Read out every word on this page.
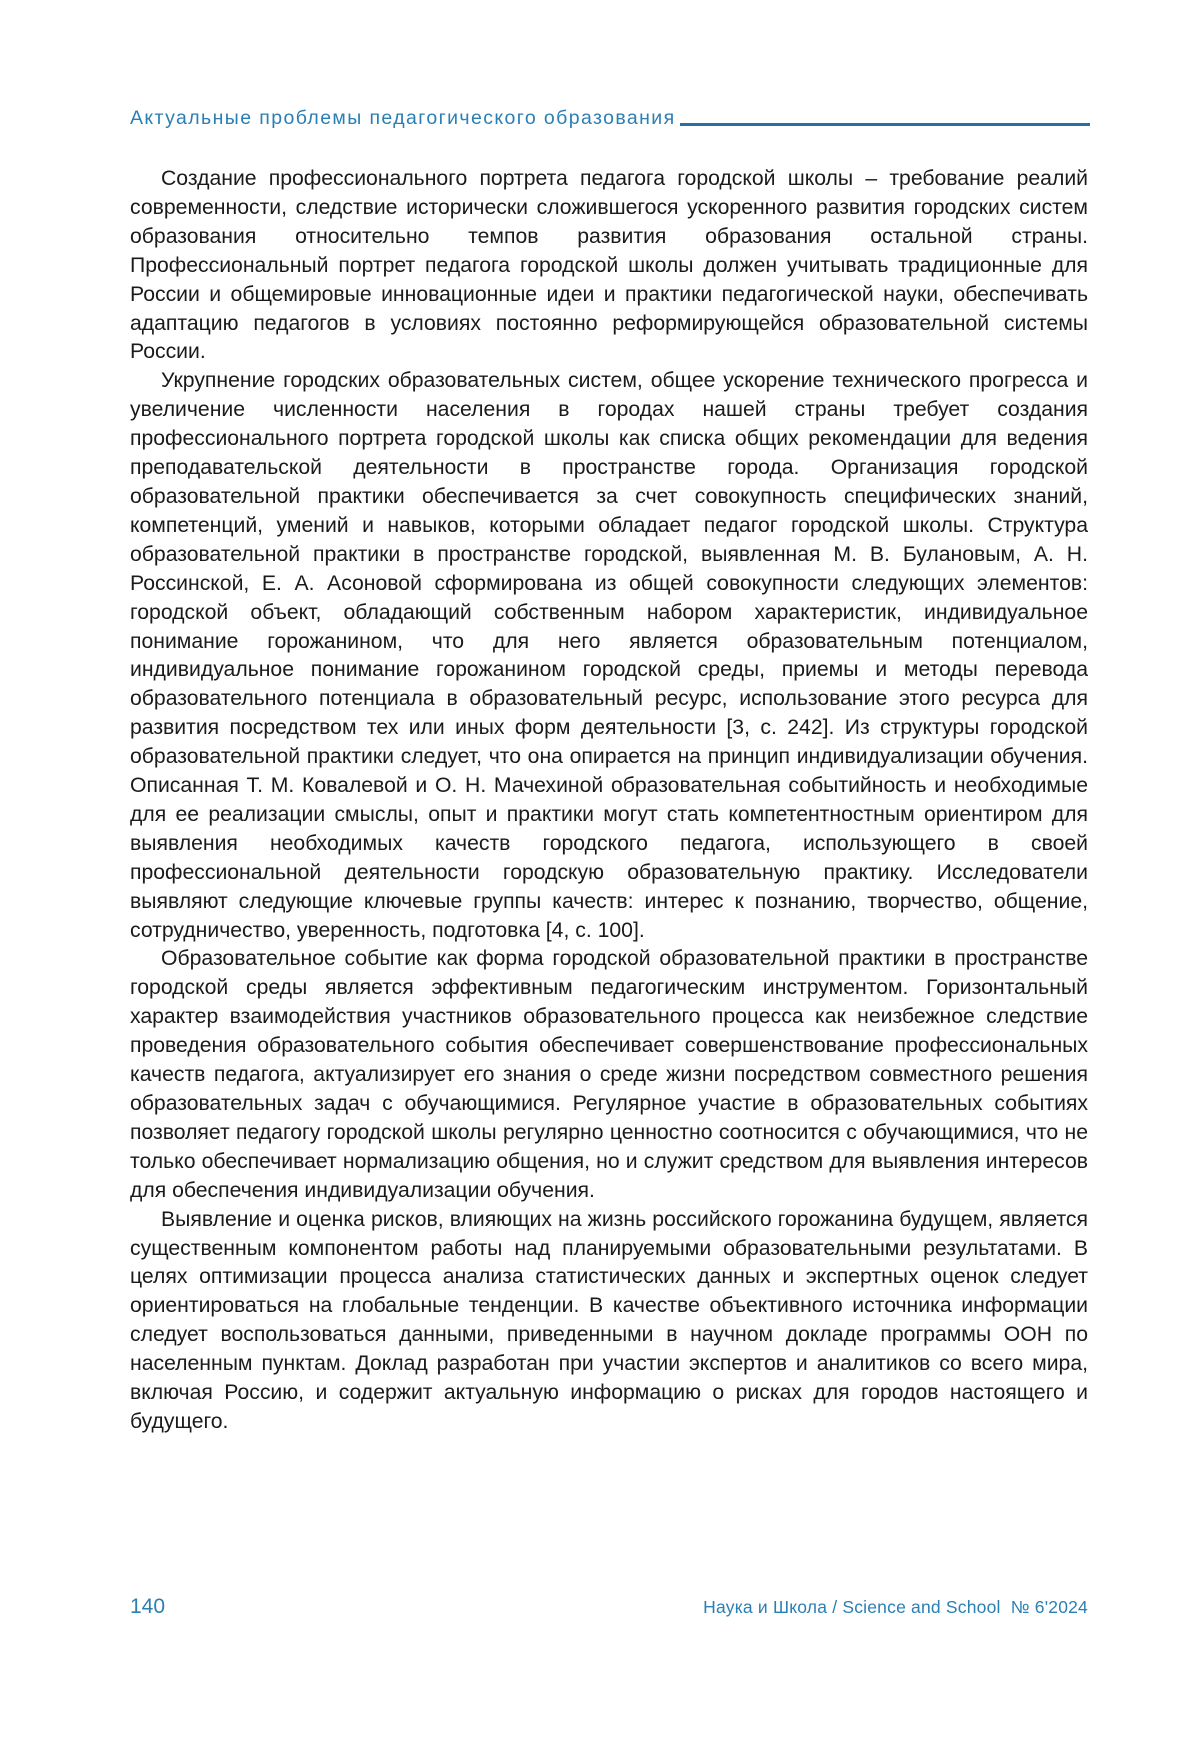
Актуальные проблемы педагогического образования

Создание профессионального портрета педагога городской школы – требование реалий современности, следствие исторически сложившегося ускоренного развития городских систем образования относительно темпов развития образования остальной страны. Профессиональный портрет педагога городской школы должен учитывать традиционные для России и общемировые инновационные идеи и практики педагогической науки, обеспечивать адаптацию педагогов в условиях постоянно реформирующейся образовательной системы России.

Укрупнение городских образовательных систем, общее ускорение технического прогресса и увеличение численности населения в городах нашей страны требует создания профессионального портрета городской школы как списка общих рекомендации для ведения преподавательской деятельности в пространстве города. Организация городской образовательной практики обеспечивается за счет совокупность специфических знаний, компетенций, умений и навыков, которыми обладает педагог городской школы. Структура образовательной практики в пространстве городской, выявленная М. В. Булановым, А. Н. Россинской, Е. А. Асоновой сформирована из общей совокупности следующих элементов: городской объект, обладающий собственным набором характеристик, индивидуальное понимание горожанином, что для него является образовательным потенциалом, индивидуальное понимание горожанином городской среды, приемы и методы перевода образовательного потенциала в образовательный ресурс, использование этого ресурса для развития посредством тех или иных форм деятельности [3, с. 242]. Из структуры городской образовательной практики следует, что она опирается на принцип индивидуализации обучения. Описанная Т. М. Ковалевой и О. Н. Мачехиной образовательная событийность и необходимые для ее реализации смыслы, опыт и практики могут стать компетентностным ориентиром для выявления необходимых качеств городского педагога, использующего в своей профессиональной деятельности городскую образовательную практику. Исследователи выявляют следующие ключевые группы качеств: интерес к познанию, творчество, общение, сотрудничество, уверенность, подготовка [4, с. 100].

Образовательное событие как форма городской образовательной практики в пространстве городской среды является эффективным педагогическим инструментом. Горизонтальный характер взаимодействия участников образовательного процесса как неизбежное следствие проведения образовательного события обеспечивает совершенствование профессиональных качеств педагога, актуализирует его знания о среде жизни посредством совместного решения образовательных задач с обучающимися. Регулярное участие в образовательных событиях позволяет педагогу городской школы регулярно ценностно соотносится с обучающимися, что не только обеспечивает нормализацию общения, но и служит средством для выявления интересов для обеспечения индивидуализации обучения.

Выявление и оценка рисков, влияющих на жизнь российского горожанина будущем, является существенным компонентом работы над планируемыми образовательными результатами. В целях оптимизации процесса анализа статистических данных и экспертных оценок следует ориентироваться на глобальные тенденции. В качестве объективного источника информации следует воспользоваться данными, приведенными в научном докладе программы ООН по населенным пунктам. Доклад разработан при участии экспертов и аналитиков со всего мира, включая Россию, и содержит актуальную информацию о рисках для городов настоящего и будущего.

140	Наука и Школа / Science and School  № 6'2024
